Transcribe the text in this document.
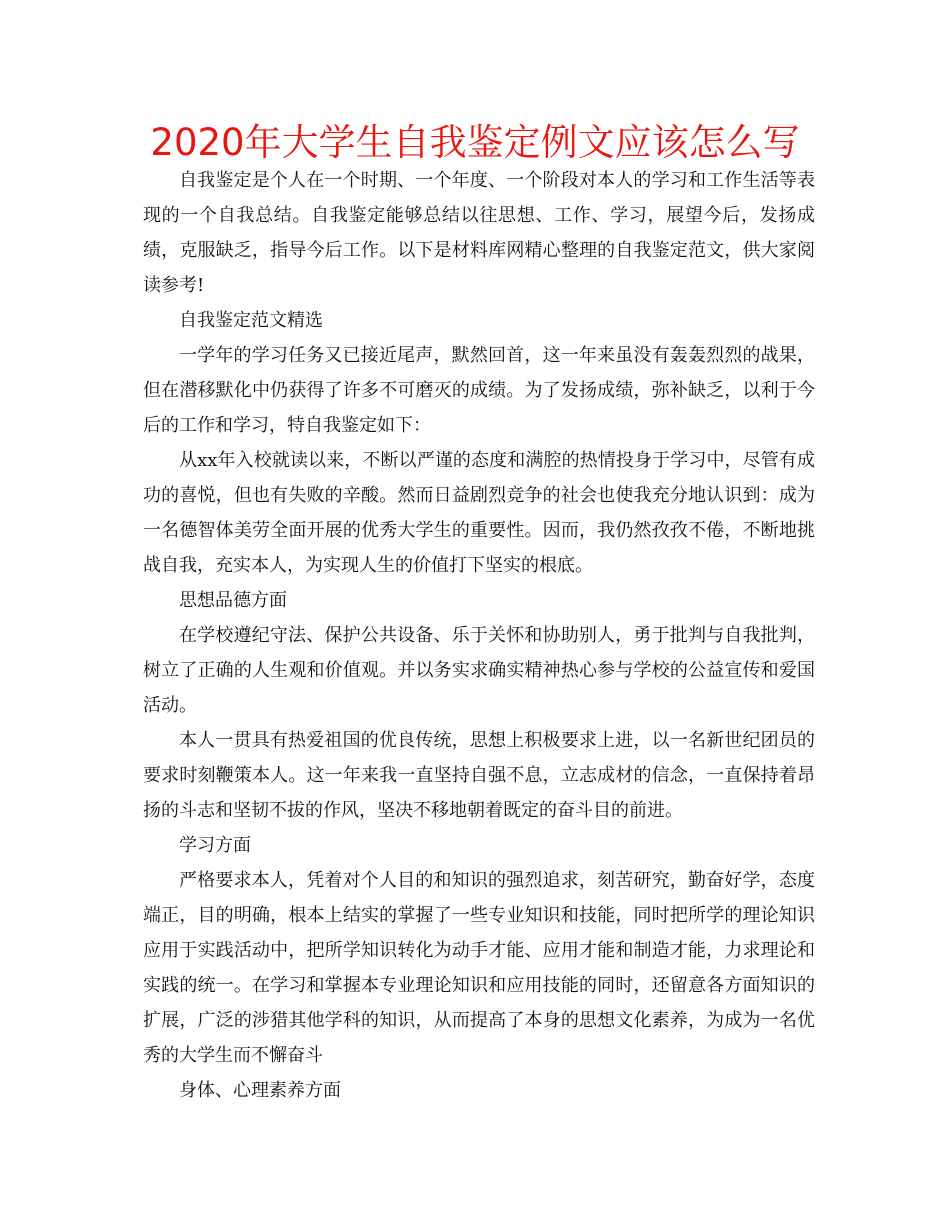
2020年大学生自我鉴定例文应该怎么写

自我鉴定是个人在一个时期、一个年度、一个阶段对本人的学习和工作生活等表现的一个自我总结。自我鉴定能够总结以往思想、工作、学习，展望今后，发扬成绩，克服缺乏，指导今后工作。以下是材料库网精心整理的自我鉴定范文，供大家阅读参考!

自我鉴定范文精选

一学年的学习任务又已接近尾声，默然回首，这一年来虽没有轰轰烈烈的战果，但在潜移默化中仍获得了许多不可磨灭的成绩。为了发扬成绩，弥补缺乏，以利于今后的工作和学习，特自我鉴定如下：

从xx年入校就读以来，不断以严谨的态度和满腔的热情投身于学习中，尽管有成功的喜悦，但也有失败的辛酸。然而日益剧烈竞争的社会也使我充分地认识到：成为一名德智体美劳全面开展的优秀大学生的重要性。因而，我仍然孜孜不倦，不断地挑战自我，充实本人，为实现人生的价值打下坚实的根底。

思想品德方面

在学校遵纪守法、保护公共设备、乐于关怀和协助别人，勇于批判与自我批判，树立了正确的人生观和价值观。并以务实求确实精神热心参与学校的公益宣传和爱国活动。

本人一贯具有热爱祖国的优良传统，思想上积极要求上进，以一名新世纪团员的要求时刻鞭策本人。这一年来我一直坚持自强不息，立志成材的信念，一直保持着昂扬的斗志和坚韧不拔的作风，坚决不移地朝着既定的奋斗目的前进。

学习方面

严格要求本人，凭着对个人目的和知识的强烈追求，刻苦研究，勤奋好学，态度端正，目的明确，根本上结实的掌握了一些专业知识和技能，同时把所学的理论知识应用于实践活动中，把所学知识转化为动手才能、应用才能和制造才能，力求理论和实践的统一。在学习和掌握本专业理论知识和应用技能的同时，还留意各方面知识的扩展，广泛的涉猎其他学科的知识，从而提高了本身的思想文化素养，为成为一名优秀的大学生而不懈奋斗

身体、心理素养方面
